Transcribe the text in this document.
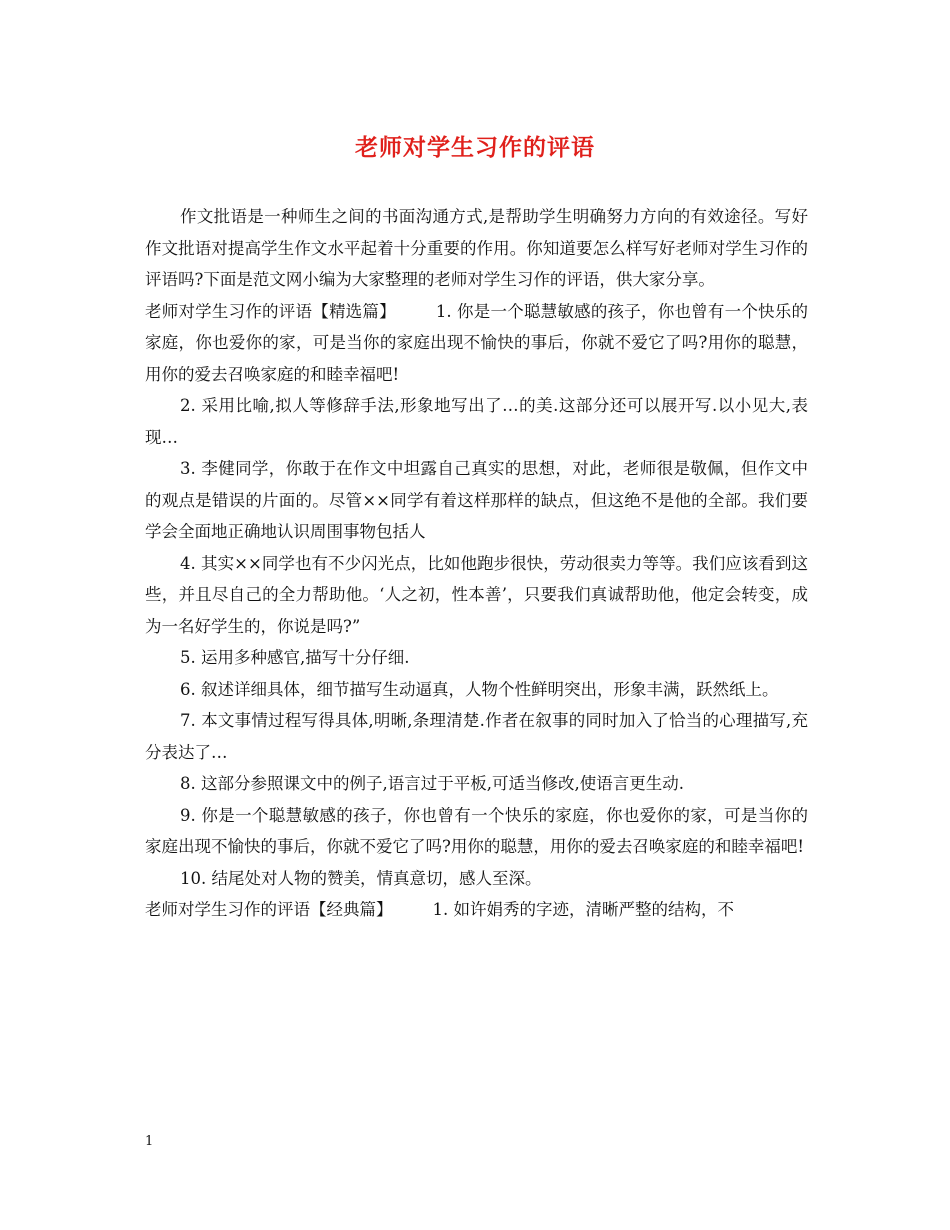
老师对学生习作的评语

作文批语是一种师生之间的书面沟通方式,是帮助学生明确努力方向的有效途径。写好作文批语对提高学生作文水平起着十分重要的作用。你知道要怎么样写好老师对学生习作的评语吗?下面是范文网小编为大家整理的老师对学生习作的评语，供大家分享。

老师对学生习作的评语【精选篇】 1. 你是一个聪慧敏感的孩子，你也曾有一个快乐的家庭，你也爱你的家，可是当你的家庭出现不愉快的事后，你就不爱它了吗?用你的聪慧，用你的爱去召唤家庭的和睦幸福吧!

2. 采用比喻,拟人等修辞手法,形象地写出了…的美.这部分还可以展开写.以小见大,表现…

3. 李健同学，你敢于在作文中坦露自己真实的思想，对此，老师很是敬佩，但作文中的观点是错误的片面的。尽管××同学有着这样那样的缺点，但这绝不是他的全部。我们要学会全面地正确地认识周围事物包括人

4. 其实××同学也有不少闪光点，比如他跑步很快，劳动很卖力等等。我们应该看到这些，并且尽自己的全力帮助他。‘人之初，性本善’，只要我们真诚帮助他，他定会转变，成为一名好学生的，你说是吗?”

5. 运用多种感官,描写十分仔细.

6. 叙述详细具体，细节描写生动逼真，人物个性鲜明突出，形象丰满，跃然纸上。

7. 本文事情过程写得具体,明晰,条理清楚.作者在叙事的同时加入了恰当的心理描写,充分表达了…

8. 这部分参照课文中的例子,语言过于平板,可适当修改,使语言更生动.

9. 你是一个聪慧敏感的孩子，你也曾有一个快乐的家庭，你也爱你的家，可是当你的家庭出现不愉快的事后，你就不爱它了吗?用你的聪慧，用你的爱去召唤家庭的和睦幸福吧!

10. 结尾处对人物的赞美，情真意切，感人至深。

老师对学生习作的评语【经典篇】 1. 如许娟秀的字迹，清晰严整的结构，不

1
